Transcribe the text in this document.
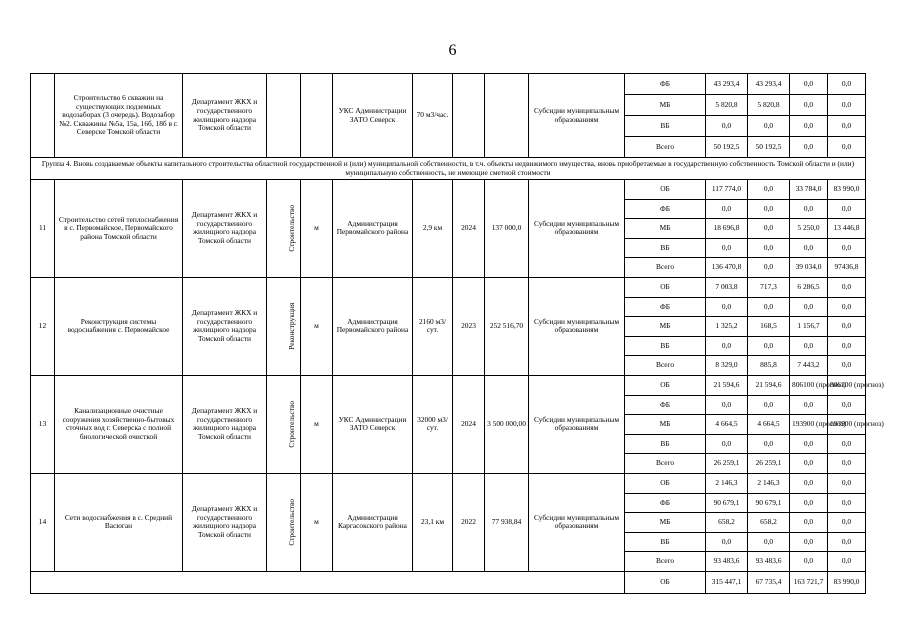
6
	Строительство 6 скважин на существующих подземных водозаборах (3 очередь). Водозабор №2. Скважины №5а, 15а, 16б, 18б в г. Северске Томской области	Департамент ЖКХ и государственного жилищного надзора Томской области			УКС Администрации ЗАТО Северск	70 м3/час.			Субсидии муниципальным образованиям	ФБ	43 293,4	43 293,4	0,0	0,0
										МБ	5 820,8	5 820,8	0,0	0,0
										ВБ	0,0	0,0	0,0	0,0
										Всего	50 192,5	50 192,5	0,0	0,0
Группа 4. Вновь создаваемые объекты капитального строительства областной государственной и (или) муниципальной собственности, в т.ч. объекты недвижимого имущества, вновь приобретаемые в государственную собственность Томской области и (или) муниципальную собственность, не имеющие сметной стоимости														
11	Строительство сетей теплоснабжения в с. Первомайское, Первомайского района Томской области	Департамент ЖКХ и государственного жилищного надзора Томской области	Строительство	м	Администрация Первомайского района	2,9 км	2024	137 000,0	Субсидии муниципальным образованиям	ОБ	117 774,0	0,0	33 784,0	83 990,0
										ФБ	0,0	0,0	0,0	0,0
										МБ	18 696,8	0,0	5 250,0	13 446,8
										ВБ	0,0	0,0	0,0	0,0
										Всего	136 470,8	0,0	39 034,0	97436,8
12	Реконструкция системы водоснабжения с. Первомайское	Департамент ЖКХ и государственного жилищного надзора Томской области	Реконструкция	м	Администрация Первомайского района	2160 м3/сут.	2023	252 516,70	Субсидии муниципальным образованиям	ОБ	7 003,8	717,3	6 286,5	0,0
										ФБ	0,0	0,0	0,0	0,0
										МБ	1 325,2	168,5	1 156,7	0,0
										ВБ	0,0	0,0	0,0	0,0
										Всего	8 329,0	885,8	7 443,2	0,0
13	Канализационные очистные сооружения хозяйственно-бытовых сточных вод г. Северска с полной биологической очисткой	Департамент ЖКХ и государственного жилищного надзора Томской области	Строительство	м	УКС Администрации ЗАТО Северск	32000 м3/сут.	2024	3 500 000,00	Субсидии муниципальным образованиям	ОБ	21 594,6	21 594,6	806100 (прогноз)	806100 (прогноз)
										ФБ	0,0	0,0	0,0	0,0
										МБ	4 664,5	4 664,5	193900 (прогноз)	193900 (прогноз)
										ВБ	0,0	0,0	0,0	0,0
										Всего	26 259,1	26 259,1	0,0	0,0
14	Сети водоснабжения в с. Средний Васюган	Департамент ЖКХ и государственного жилищного надзора Томской области	Строительство	м	Администрация Каргасокского района	23,1 км	2022	77 938,84	Субсидии муниципальным образованиям	ОБ	2 146,3	2 146,3	0,0	0,0
										ФБ	90 679,1	90 679,1	0,0	0,0
										МБ	658,2	658,2	0,0	0,0
										ВБ	0,0	0,0	0,0	0,0
										Всего	93 483,6	93 483,6	0,0	0,0
										ОБ	315 447,1	67 735,4	163 721,7	83 990,0
